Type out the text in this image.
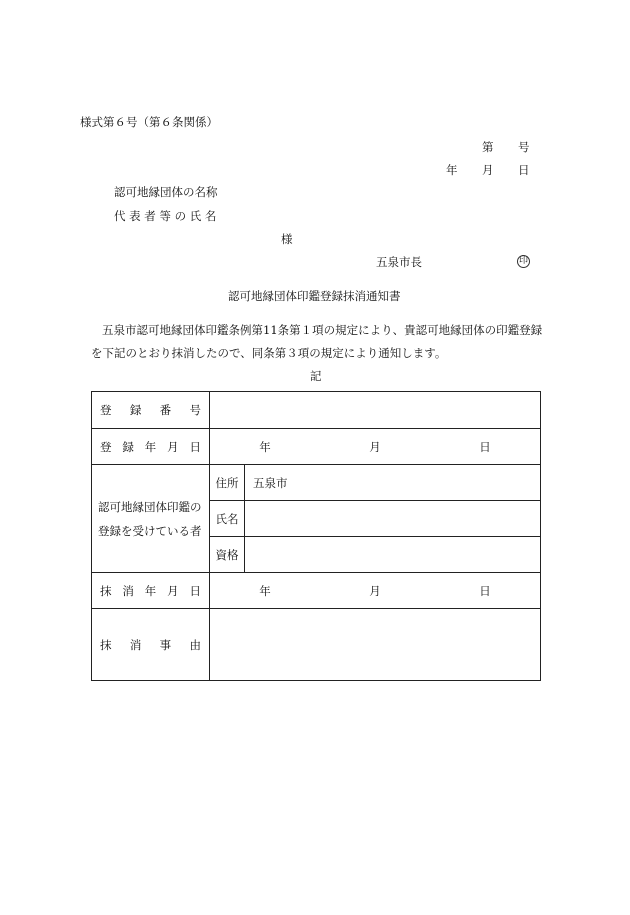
様式第６号（第６条関係）
第 号
年 月 日
認可地縁団体の名称
代 表 者 等 の 氏 名
様
五泉市長	印
認可地縁団体印鑑登録抹消通知書
五泉市認可地縁団体印鑑条例第11条第１項の規定により、貴認可地縁団体の印鑑登録
を下記のとおり抹消したので、同条第３項の規定により通知します。
記
登 録 番 号		

登 録 年 月 日	年 月 日	

認可地縁団体印鑑の
登録を受けている者	住所	五泉市
	氏名	
	資格	

抹 消 年 月 日	年 月 日	

抹 消 事 由		
